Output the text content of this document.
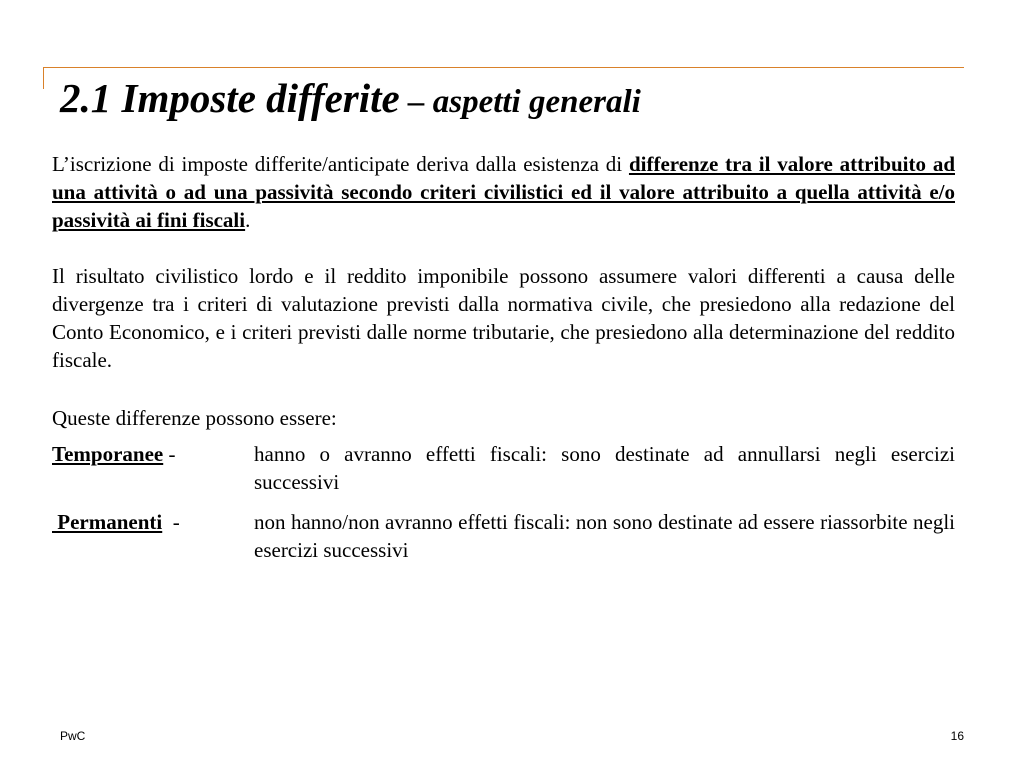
2.1 Imposte differite – aspetti generali

L’iscrizione di imposte differite/anticipate deriva dalla esistenza di differenze tra il valore attribuito ad una attività o ad una passività secondo criteri civilistici ed il valore attribuito a quella attività e/o passività ai fini fiscali.

Il risultato civilistico lordo e il reddito imponibile possono assumere valori differenti a causa delle divergenze tra i criteri di valutazione previsti dalla normativa civile, che presiedono alla redazione del Conto Economico, e i criteri previsti dalle norme tributarie, che presiedono alla determinazione del reddito fiscale.

Queste differenze possono essere:

Temporanee -	hanno o avranno effetti fiscali: sono destinate ad annullarsi negli esercizi successivi
Permanenti  -	non hanno/non avranno effetti fiscali: non sono destinate ad essere riassorbite negli esercizi successivi
PwC	16
